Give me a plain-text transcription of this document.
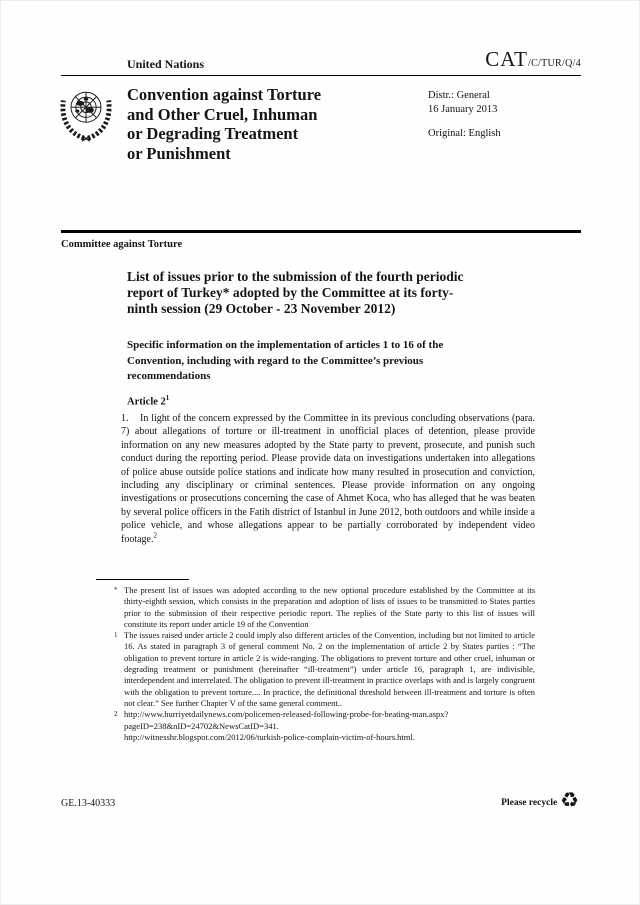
United Nations	CAT/C/TUR/Q/4
Convention against Torture
and Other Cruel, Inhuman
or Degrading Treatment
or Punishment
Distr.: General
16 January 2013
Original: English
Committee against Torture
List of issues prior to the submission of the fourth periodic
report of Turkey* adopted by the Committee at its forty-
ninth session (29 October - 23 November 2012)
Specific information on the implementation of articles 1 to 16 of the
Convention, including with regard to the Committee’s previous
recommendations
Article $2^1$

1. In light of the concern expressed by the Committee in its previous concluding observations (para. 7) about allegations of torture or ill-treatment in unofficial places of detention, please provide information on any new measures adopted by the State party to prevent, prosecute, and punish such conduct during the reporting period. Please provide data on investigations undertaken into allegations of police abuse outside police stations and indicate how many resulted in prosecution and conviction, including any disciplinary or criminal sentences. Please provide information on any ongoing investigations or prosecutions concerning the case of Ahmet Koca, who has alleged that he was beaten by several police officers in the Fatih district of Istanbul in June 2012, both outdoors and while inside a police vehicle, and whose allegations appear to be partially corroborated by independent video footage.$^2$

* The present list of issues was adopted according to the new optional procedure established by the Committee at its thirty-eighth session, which consists in the preparation and adoption of lists of issues to be transmitted to States parties prior to the submission of their respective periodic report. The replies of the State party to this list of issues will constitute its report under article 19 of the Convention
1 The issues raised under article 2 could imply also different articles of the Convention, including but not limited to article 16. As stated in paragraph 3 of general comment No. 2 on the implementation of article 2 by States parties : “The obligation to prevent torture in article 2 is wide-ranging. The obligations to prevent torture and other cruel, inhuman or degrading treatment or punishment (hereinafter “ill-treatment”) under article 16, paragraph 1, are indivisible, interdependent and interrelated. The obligation to prevent ill-treatment in practice overlaps with and is largely congruent with the obligation to prevent torture.... In practice, the definitional threshold between ill-treatment and torture is often not clear.” See further Chapter V of the same general comment..
2 http://www.hurriyetdailynews.com/policemen-released-following-probe-for-beating-man.aspx?pageID=238&nID=24702&NewsCatID=341.
http://witnesshr.blogspot.com/2012/06/turkish-police-complain-victim-of-hours.html.
GE.13-40333	Please recycle ♻
